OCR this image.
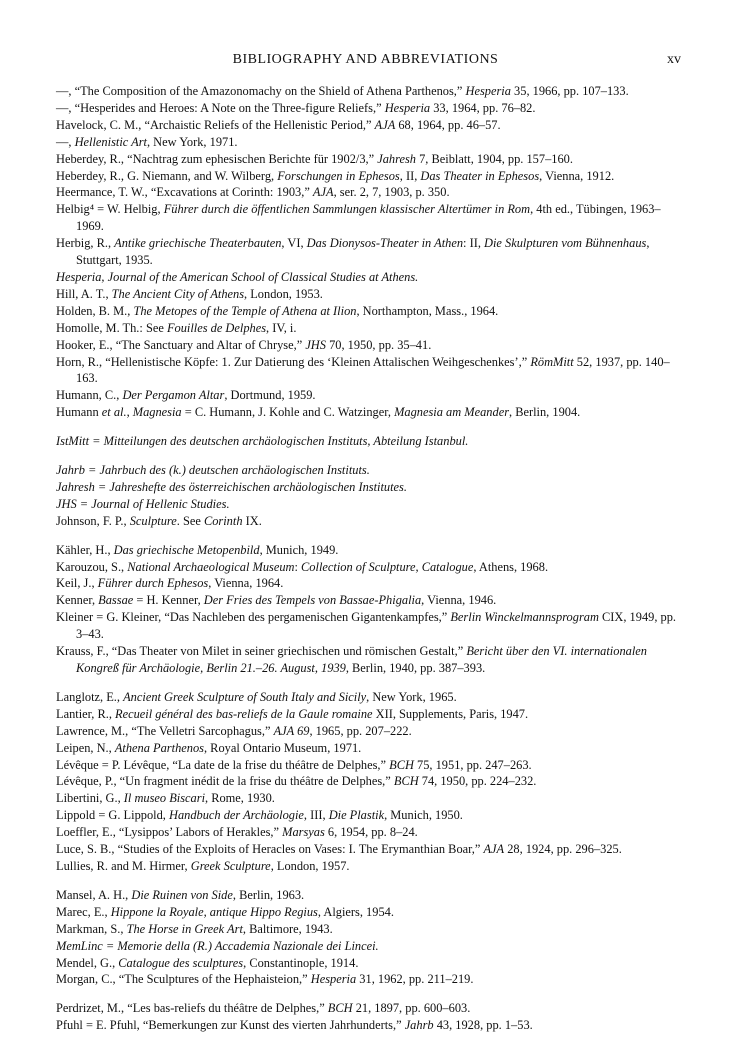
BIBLIOGRAPHY AND ABBREVIATIONS	xv
—, “The Composition of the Amazonomachy on the Shield of Athena Parthenos,” Hesperia 35, 1966, pp. 107–133.
—, “Hesperides and Heroes: A Note on the Three-figure Reliefs,” Hesperia 33, 1964, pp. 76–82.
Havelock, C. M., “Archaistic Reliefs of the Hellenistic Period,” AJA 68, 1964, pp. 46–57.
—, Hellenistic Art, New York, 1971.
Heberdey, R., “Nachtrag zum ephesischen Berichte für 1902/3,” Jahresh 7, Beiblatt, 1904, pp. 157–160.
Heberdey, R., G. Niemann, and W. Wilberg, Forschungen in Ephesos, II, Das Theater in Ephesos, Vienna, 1912.
Heermance, T. W., “Excavations at Corinth: 1903,” AJA, ser. 2, 7, 1903, p. 350.
Helbig⁴ = W. Helbig, Führer durch die öffentlichen Sammlungen klassischer Altertümer in Rom, 4th ed., Tübingen, 1963–1969.
Herbig, R., Antike griechische Theaterbauten, VI, Das Dionysos-Theater in Athen: II, Die Skulpturen vom Bühnenhaus, Stuttgart, 1935.
Hesperia, Journal of the American School of Classical Studies at Athens.
Hill, A. T., The Ancient City of Athens, London, 1953.
Holden, B. M., The Metopes of the Temple of Athena at Ilion, Northampton, Mass., 1964.
Homolle, M. Th.: See Fouilles de Delphes, IV, i.
Hooker, E., “The Sanctuary and Altar of Chryse,” JHS 70, 1950, pp. 35–41.
Horn, R., “Hellenistische Köpfe: 1. Zur Datierung des ‘Kleinen Attalischen Weihgeschenkes’,” RömMitt 52, 1937, pp. 140–163.
Humann, C., Der Pergamon Altar, Dortmund, 1959.
Humann et al., Magnesia = C. Humann, J. Kohle and C. Watzinger, Magnesia am Meander, Berlin, 1904.
IstMitt = Mitteilungen des deutschen archäologischen Instituts, Abteilung Istanbul.
Jahrb = Jahrbuch des (k.) deutschen archäologischen Instituts.
Jahresh = Jahreshefte des österreichischen archäologischen Institutes.
JHS = Journal of Hellenic Studies.
Johnson, F. P., Sculpture. See Corinth IX.
Kähler, H., Das griechische Metopenbild, Munich, 1949.
Karouzou, S., National Archaeological Museum: Collection of Sculpture, Catalogue, Athens, 1968.
Keil, J., Führer durch Ephesos, Vienna, 1964.
Kenner, Bassae = H. Kenner, Der Fries des Tempels von Bassae-Phigalia, Vienna, 1946.
Kleiner = G. Kleiner, “Das Nachleben des pergamenischen Gigantenkampfes,” Berlin Winckelmannsprogram CIX, 1949, pp. 3–43.
Krauss, F., “Das Theater von Milet in seiner griechischen und römischen Gestalt,” Bericht über den VI. internationalen Kongreß für Archäologie, Berlin 21.–26. August, 1939, Berlin, 1940, pp. 387–393.
Langlotz, E., Ancient Greek Sculpture of South Italy and Sicily, New York, 1965.
Lantier, R., Recueil général des bas-reliefs de la Gaule romaine XII, Supplements, Paris, 1947.
Lawrence, M., “The Velletri Sarcophagus,” AJA 69, 1965, pp. 207–222.
Leipen, N., Athena Parthenos, Royal Ontario Museum, 1971.
Lévêque = P. Lévêque, “La date de la frise du théâtre de Delphes,” BCH 75, 1951, pp. 247–263.
Lévêque, P., “Un fragment inédit de la frise du théâtre de Delphes,” BCH 74, 1950, pp. 224–232.
Libertini, G., Il museo Biscari, Rome, 1930.
Lippold = G. Lippold, Handbuch der Archäologie, III, Die Plastik, Munich, 1950.
Loeffler, E., “Lysippos’ Labors of Herakles,” Marsyas 6, 1954, pp. 8–24.
Luce, S. B., “Studies of the Exploits of Heracles on Vases: I. The Erymanthian Boar,” AJA 28, 1924, pp. 296–325.
Lullies, R. and M. Hirmer, Greek Sculpture, London, 1957.
Mansel, A. H., Die Ruinen von Side, Berlin, 1963.
Marec, E., Hippone la Royale, antique Hippo Regius, Algiers, 1954.
Markman, S., The Horse in Greek Art, Baltimore, 1943.
MemLinc = Memorie della (R.) Accademia Nazionale dei Lincei.
Mendel, G., Catalogue des sculptures, Constantinople, 1914.
Morgan, C., “The Sculptures of the Hephaisteion,” Hesperia 31, 1962, pp. 211–219.
Perdrizet, M., “Les bas-reliefs du théâtre de Delphes,” BCH 21, 1897, pp. 600–603.
Pfuhl = E. Pfuhl, “Bemerkungen zur Kunst des vierten Jahrhunderts,” Jahrb 43, 1928, pp. 1–53.
